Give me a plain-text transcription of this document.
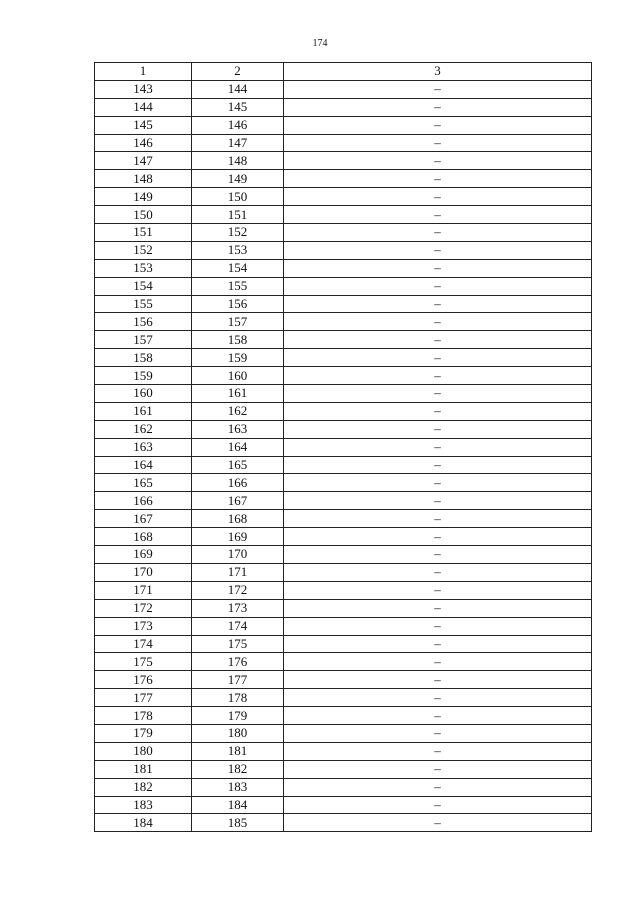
174
1	2	3
143	144	–
144	145	–
145	146	–
146	147	–
147	148	–
148	149	–
149	150	–
150	151	–
151	152	–
152	153	–
153	154	–
154	155	–
155	156	–
156	157	–
157	158	–
158	159	–
159	160	–
160	161	–
161	162	–
162	163	–
163	164	–
164	165	–
165	166	–
166	167	–
167	168	–
168	169	–
169	170	–
170	171	–
171	172	–
172	173	–
173	174	–
174	175	–
175	176	–
176	177	–
177	178	–
178	179	–
179	180	–
180	181	–
181	182	–
182	183	–
183	184	–
184	185	–
